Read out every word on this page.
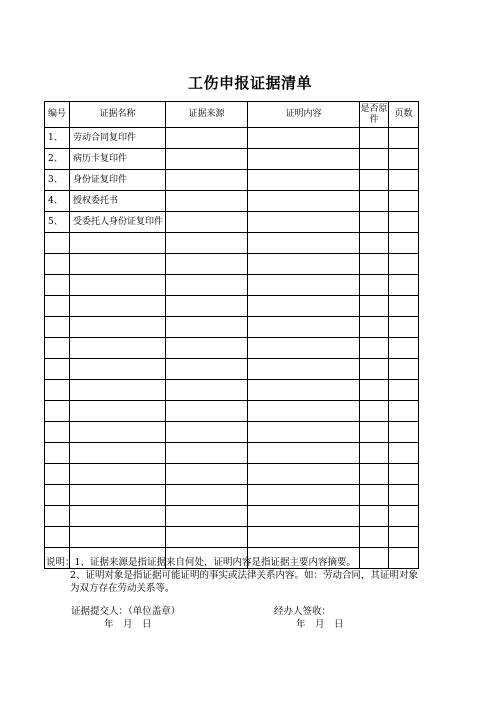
工伤申报证据清单
编号	证据名称	证据来源	证明内容	是否原件	页数
1、	劳动合同复印件				
2、	病历卡复印件				
3、	身份证复印件				
4、	授权委托书				
5、	受委托人身份证复印件				

说明：1、证据来源是指证据来自何处，证明内容是指证据主要内容摘要。
2、证明对象是指证据可能证明的事实或法律关系内容。如：劳动合同，其证明对象
为双方存在劳动关系等。
证据提交人：（单位盖章）	经办人签收：
年　月　日	年　月　日
